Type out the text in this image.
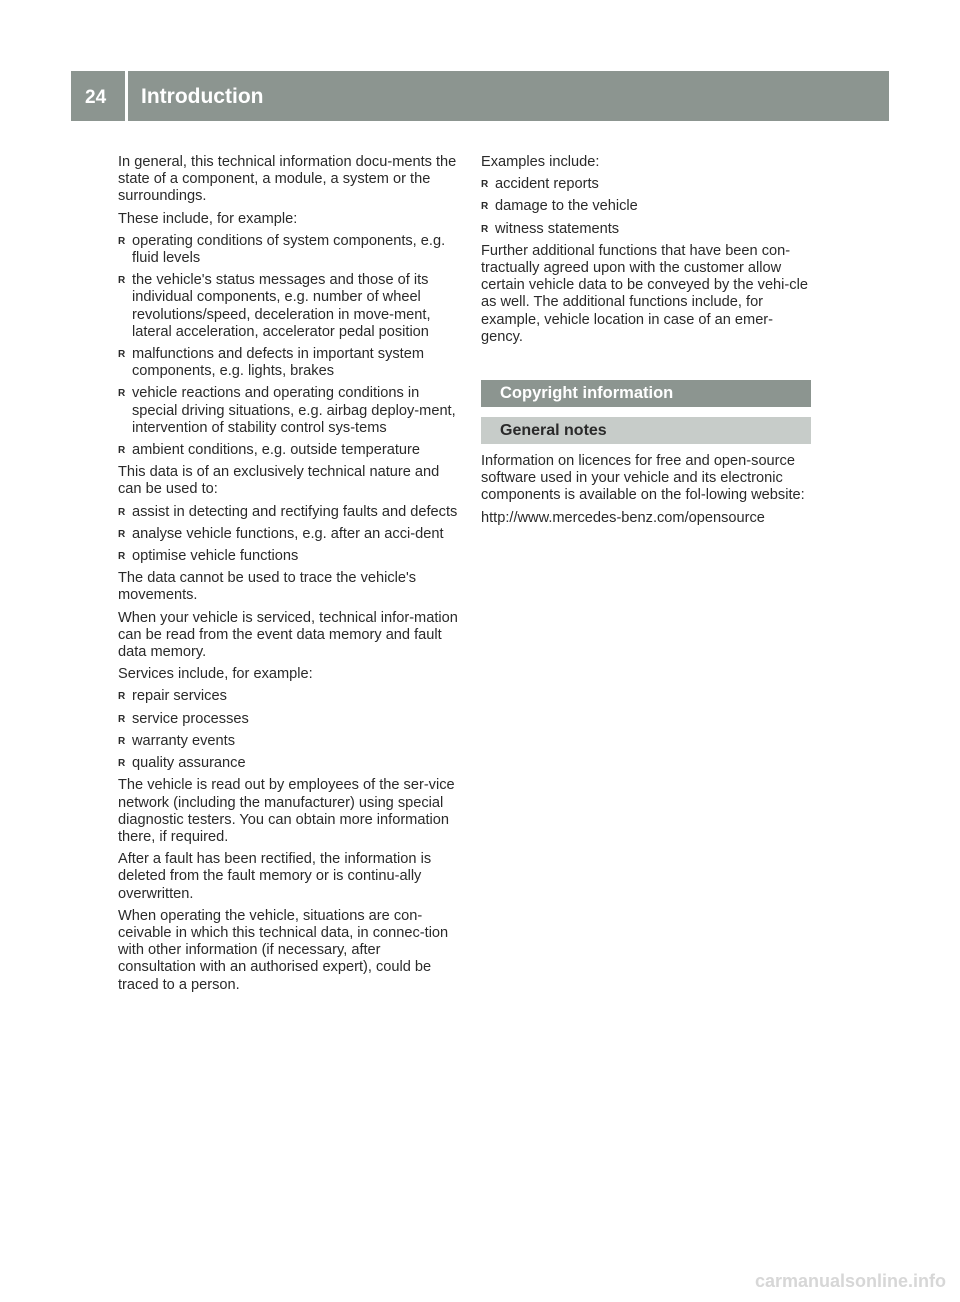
24 Introduction

In general, this technical information docu-ments the state of a component, a module, a system or the surroundings.

These include, for example:

R operating conditions of system components, e.g. fluid levels
R the vehicle's status messages and those of its individual components, e.g. number of wheel revolutions/speed, deceleration in move-ment, lateral acceleration, accelerator pedal position
R malfunctions and defects in important system components, e.g. lights, brakes
R vehicle reactions and operating conditions in special driving situations, e.g. airbag deploy-ment, intervention of stability control sys-tems
R ambient conditions, e.g. outside temperature

This data is of an exclusively technical nature and can be used to:

R assist in detecting and rectifying faults and defects
R analyse vehicle functions, e.g. after an acci-dent
R optimise vehicle functions

The data cannot be used to trace the vehicle's movements.

When your vehicle is serviced, technical infor-mation can be read from the event data memory and fault data memory.

Services include, for example:

R repair services
R service processes
R warranty events
R quality assurance

The vehicle is read out by employees of the ser-vice network (including the manufacturer) using special diagnostic testers. You can obtain more information there, if required.

After a fault has been rectified, the information is deleted from the fault memory or is continu-ally overwritten.

When operating the vehicle, situations are con-ceivable in which this technical data, in connec-tion with other information (if necessary, after consultation with an authorised expert), could be traced to a person.

Examples include:

R accident reports
R damage to the vehicle
R witness statements

Further additional functions that have been con-tractually agreed upon with the customer allow certain vehicle data to be conveyed by the vehi-cle as well. The additional functions include, for example, vehicle location in case of an emer-gency.

Copyright information
General notes

Information on licences for free and open-source software used in your vehicle and its electronic components is available on the fol-lowing website:

http://www.mercedes-benz.com/opensource

carmanualsonline.info
